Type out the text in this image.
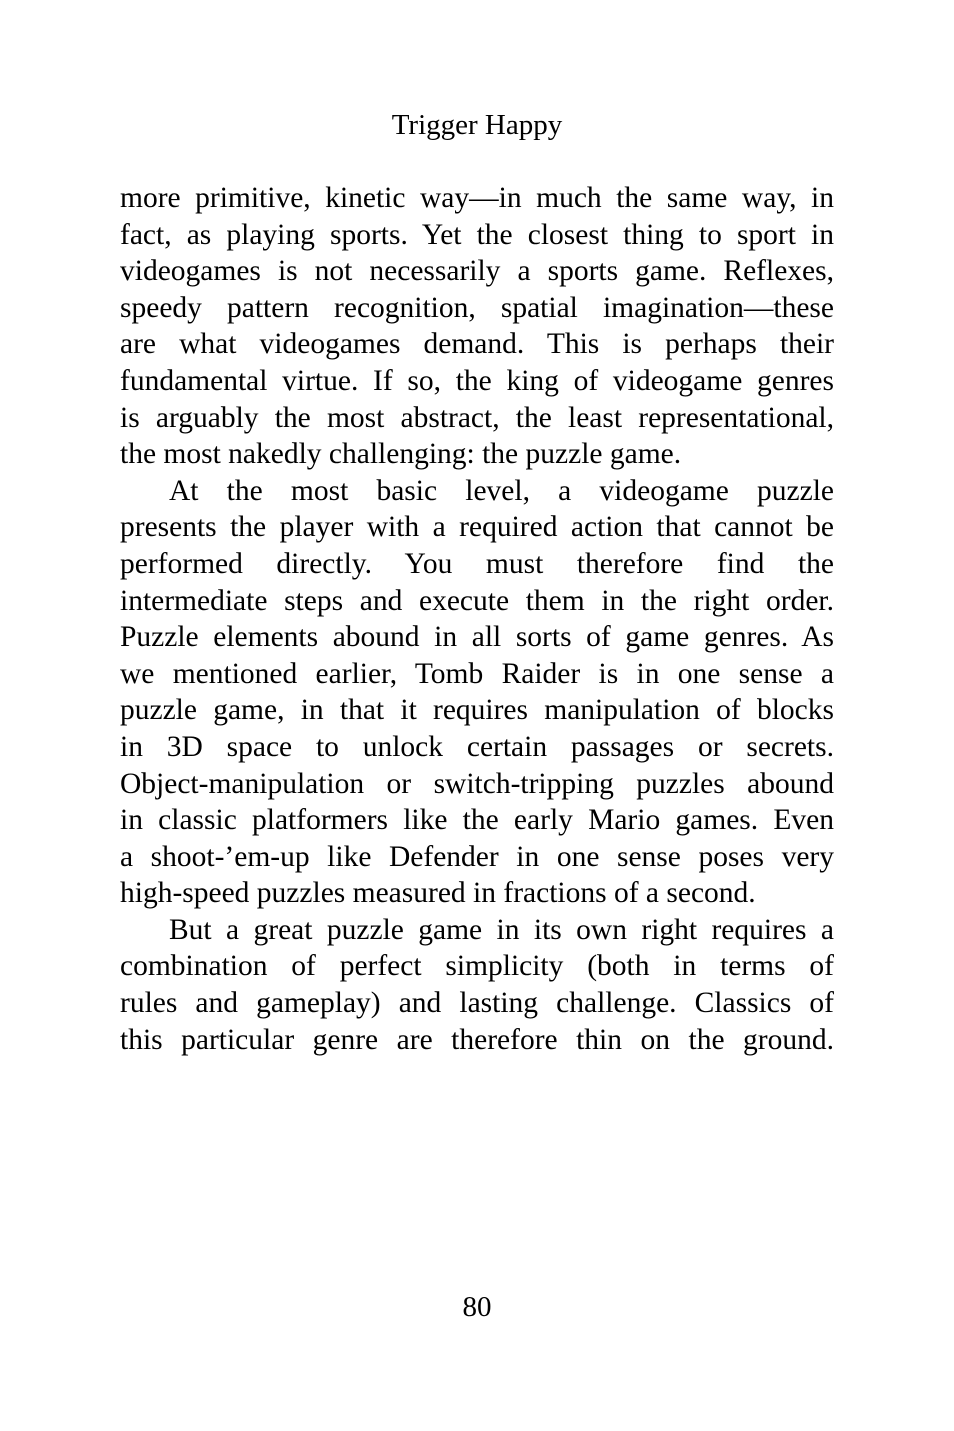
Trigger Happy

more primitive, kinetic way—in much the same way, in
fact, as playing sports. Yet the closest thing to sport in
videogames is not necessarily a sports game. Reflexes,
speedy pattern recognition, spatial imagination—these
are what videogames demand. This is perhaps their
fundamental virtue. If so, the king of videogame genres
is arguably the most abstract, the least representational,
the most nakedly challenging: the puzzle game.

At the most basic level, a videogame puzzle
presents the player with a required action that cannot be
performed directly. You must therefore find the
intermediate steps and execute them in the right order.
Puzzle elements abound in all sorts of game genres. As
we mentioned earlier, Tomb Raider is in one sense a
puzzle game, in that it requires manipulation of blocks
in 3D space to unlock certain passages or secrets.
Object-manipulation or switch-tripping puzzles abound
in classic platformers like the early Mario games. Even
a shoot-’em-up like Defender in one sense poses very
high-speed puzzles measured in fractions of a second.

But a great puzzle game in its own right requires a
combination of perfect simplicity (both in terms of
rules and gameplay) and lasting challenge. Classics of
this particular genre are therefore thin on the ground.

80
